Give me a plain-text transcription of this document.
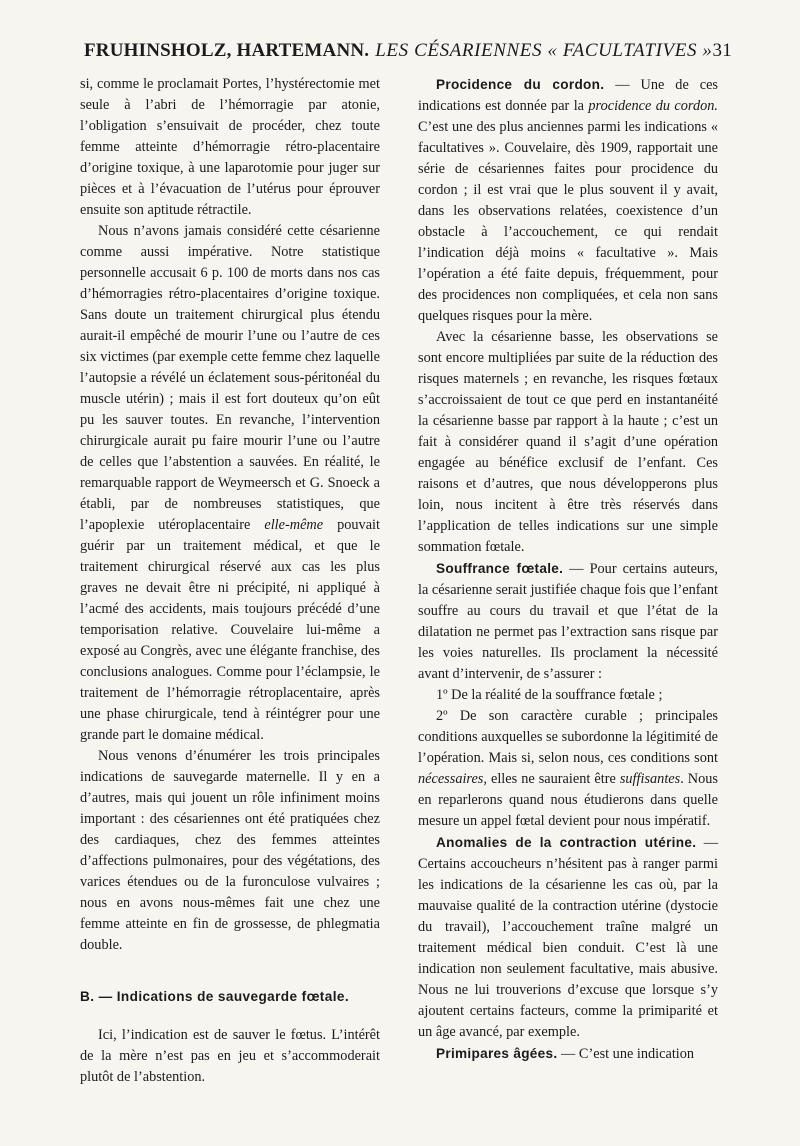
FRUHINSHOLZ, HARTEMANN. LES CÉSARIENNES « FACULTATIVES » 31

si, comme le proclamait Portes, l’hystérectomie met seule à l’abri de l’hémorragie par atonie, l’obligation s’ensuivait de procéder, chez toute femme atteinte d’hémorragie rétro-placentaire d’origine toxique, à une laparotomie pour juger sur pièces et à l’évacuation de l’utérus pour éprouver ensuite son aptitude rétractile.

Nous n’avons jamais considéré cette césarienne comme aussi impérative. Notre statistique personnelle accusait 6 p. 100 de morts dans nos cas d’hémorragies rétro-placentaires d’origine toxique. Sans doute un traitement chirurgical plus étendu aurait-il empêché de mourir l’une ou l’autre de ces six victimes (par exemple cette femme chez laquelle l’autopsie a révélé un éclatement sous-péritonéal du muscle utérin) ; mais il est fort douteux qu’on eût pu les sauver toutes. En revanche, l’intervention chirurgicale aurait pu faire mourir l’une ou l’autre de celles que l’abstention a sauvées. En réalité, le remarquable rapport de Weymeersch et G. Snoeck a établi, par de nombreuses statistiques, que l’apoplexie utéroplacentaire elle-même pouvait guérir par un traitement médical, et que le traitement chirurgical réservé aux cas les plus graves ne devait être ni précipité, ni appliqué à l’acmé des accidents, mais toujours précédé d’une temporisation relative. Couvelaire lui-même a exposé au Congrès, avec une élégante franchise, des conclusions analogues. Comme pour l’éclampsie, le traitement de l’hémorragie rétroplacentaire, après une phase chirurgicale, tend à réintégrer pour une grande part le domaine médical.

Nous venons d’énumérer les trois principales indications de sauvegarde maternelle. Il y en a d’autres, mais qui jouent un rôle infiniment moins important : des césariennes ont été pratiquées chez des cardiaques, chez des femmes atteintes d’affections pulmonaires, pour des végétations, des varices étendues ou de la furonculose vulvaires ; nous en avons nous-mêmes fait une chez une femme atteinte en fin de grossesse, de phlegmatia double.

B. — Indications de sauvegarde fœtale.

Ici, l’indication est de sauver le fœtus. L’intérêt de la mère n’est pas en jeu et s’accommoderait plutôt de l’abstention.

Procidence du cordon. — Une de ces indications est donnée par la procidence du cordon. C’est une des plus anciennes parmi les indications « facultatives ». Couvelaire, dès 1909, rapportait une série de césariennes faites pour procidence du cordon ; il est vrai que le plus souvent il y avait, dans les observations relatées, coexistence d’un obstacle à l’accouchement, ce qui rendait l’indication déjà moins « facultative ». Mais l’opération a été faite depuis, fréquemment, pour des procidences non compliquées, et cela non sans quelques risques pour la mère.

Avec la césarienne basse, les observations se sont encore multipliées par suite de la réduction des risques maternels ; en revanche, les risques fœtaux s’accroissaient de tout ce que perd en instantanéité la césarienne basse par rapport à la haute ; c’est un fait à considérer quand il s’agit d’une opération engagée au bénéfice exclusif de l’enfant. Ces raisons et d’autres, que nous développerons plus loin, nous incitent à être très réservés dans l’application de telles indications sur une simple sommation fœtale.

Souffrance fœtale. — Pour certains auteurs, la césarienne serait justifiée chaque fois que l’enfant souffre au cours du travail et que l’état de la dilatation ne permet pas l’extraction sans risque par les voies naturelles. Ils proclament la nécessité avant d’intervenir, de s’assurer :

1º De la réalité de la souffrance fœtale ;

2º De son caractère curable ; principales conditions auxquelles se subordonne la légitimité de l’opération. Mais si, selon nous, ces conditions sont nécessaires, elles ne sauraient être suffisantes. Nous en reparlerons quand nous étudierons dans quelle mesure un appel fœtal devient pour nous impératif.

Anomalies de la contraction utérine. — Certains accoucheurs n’hésitent pas à ranger parmi les indications de la césarienne les cas où, par la mauvaise qualité de la contraction utérine (dystocie du travail), l’accouchement traîne malgré un traitement médical bien conduit. C’est là une indication non seulement facultative, mais abusive. Nous ne lui trouverions d’excuse que lorsque s’y ajoutent certains facteurs, comme la primiparité et un âge avancé, par exemple.

Primipares âgées. — C’est une indication
